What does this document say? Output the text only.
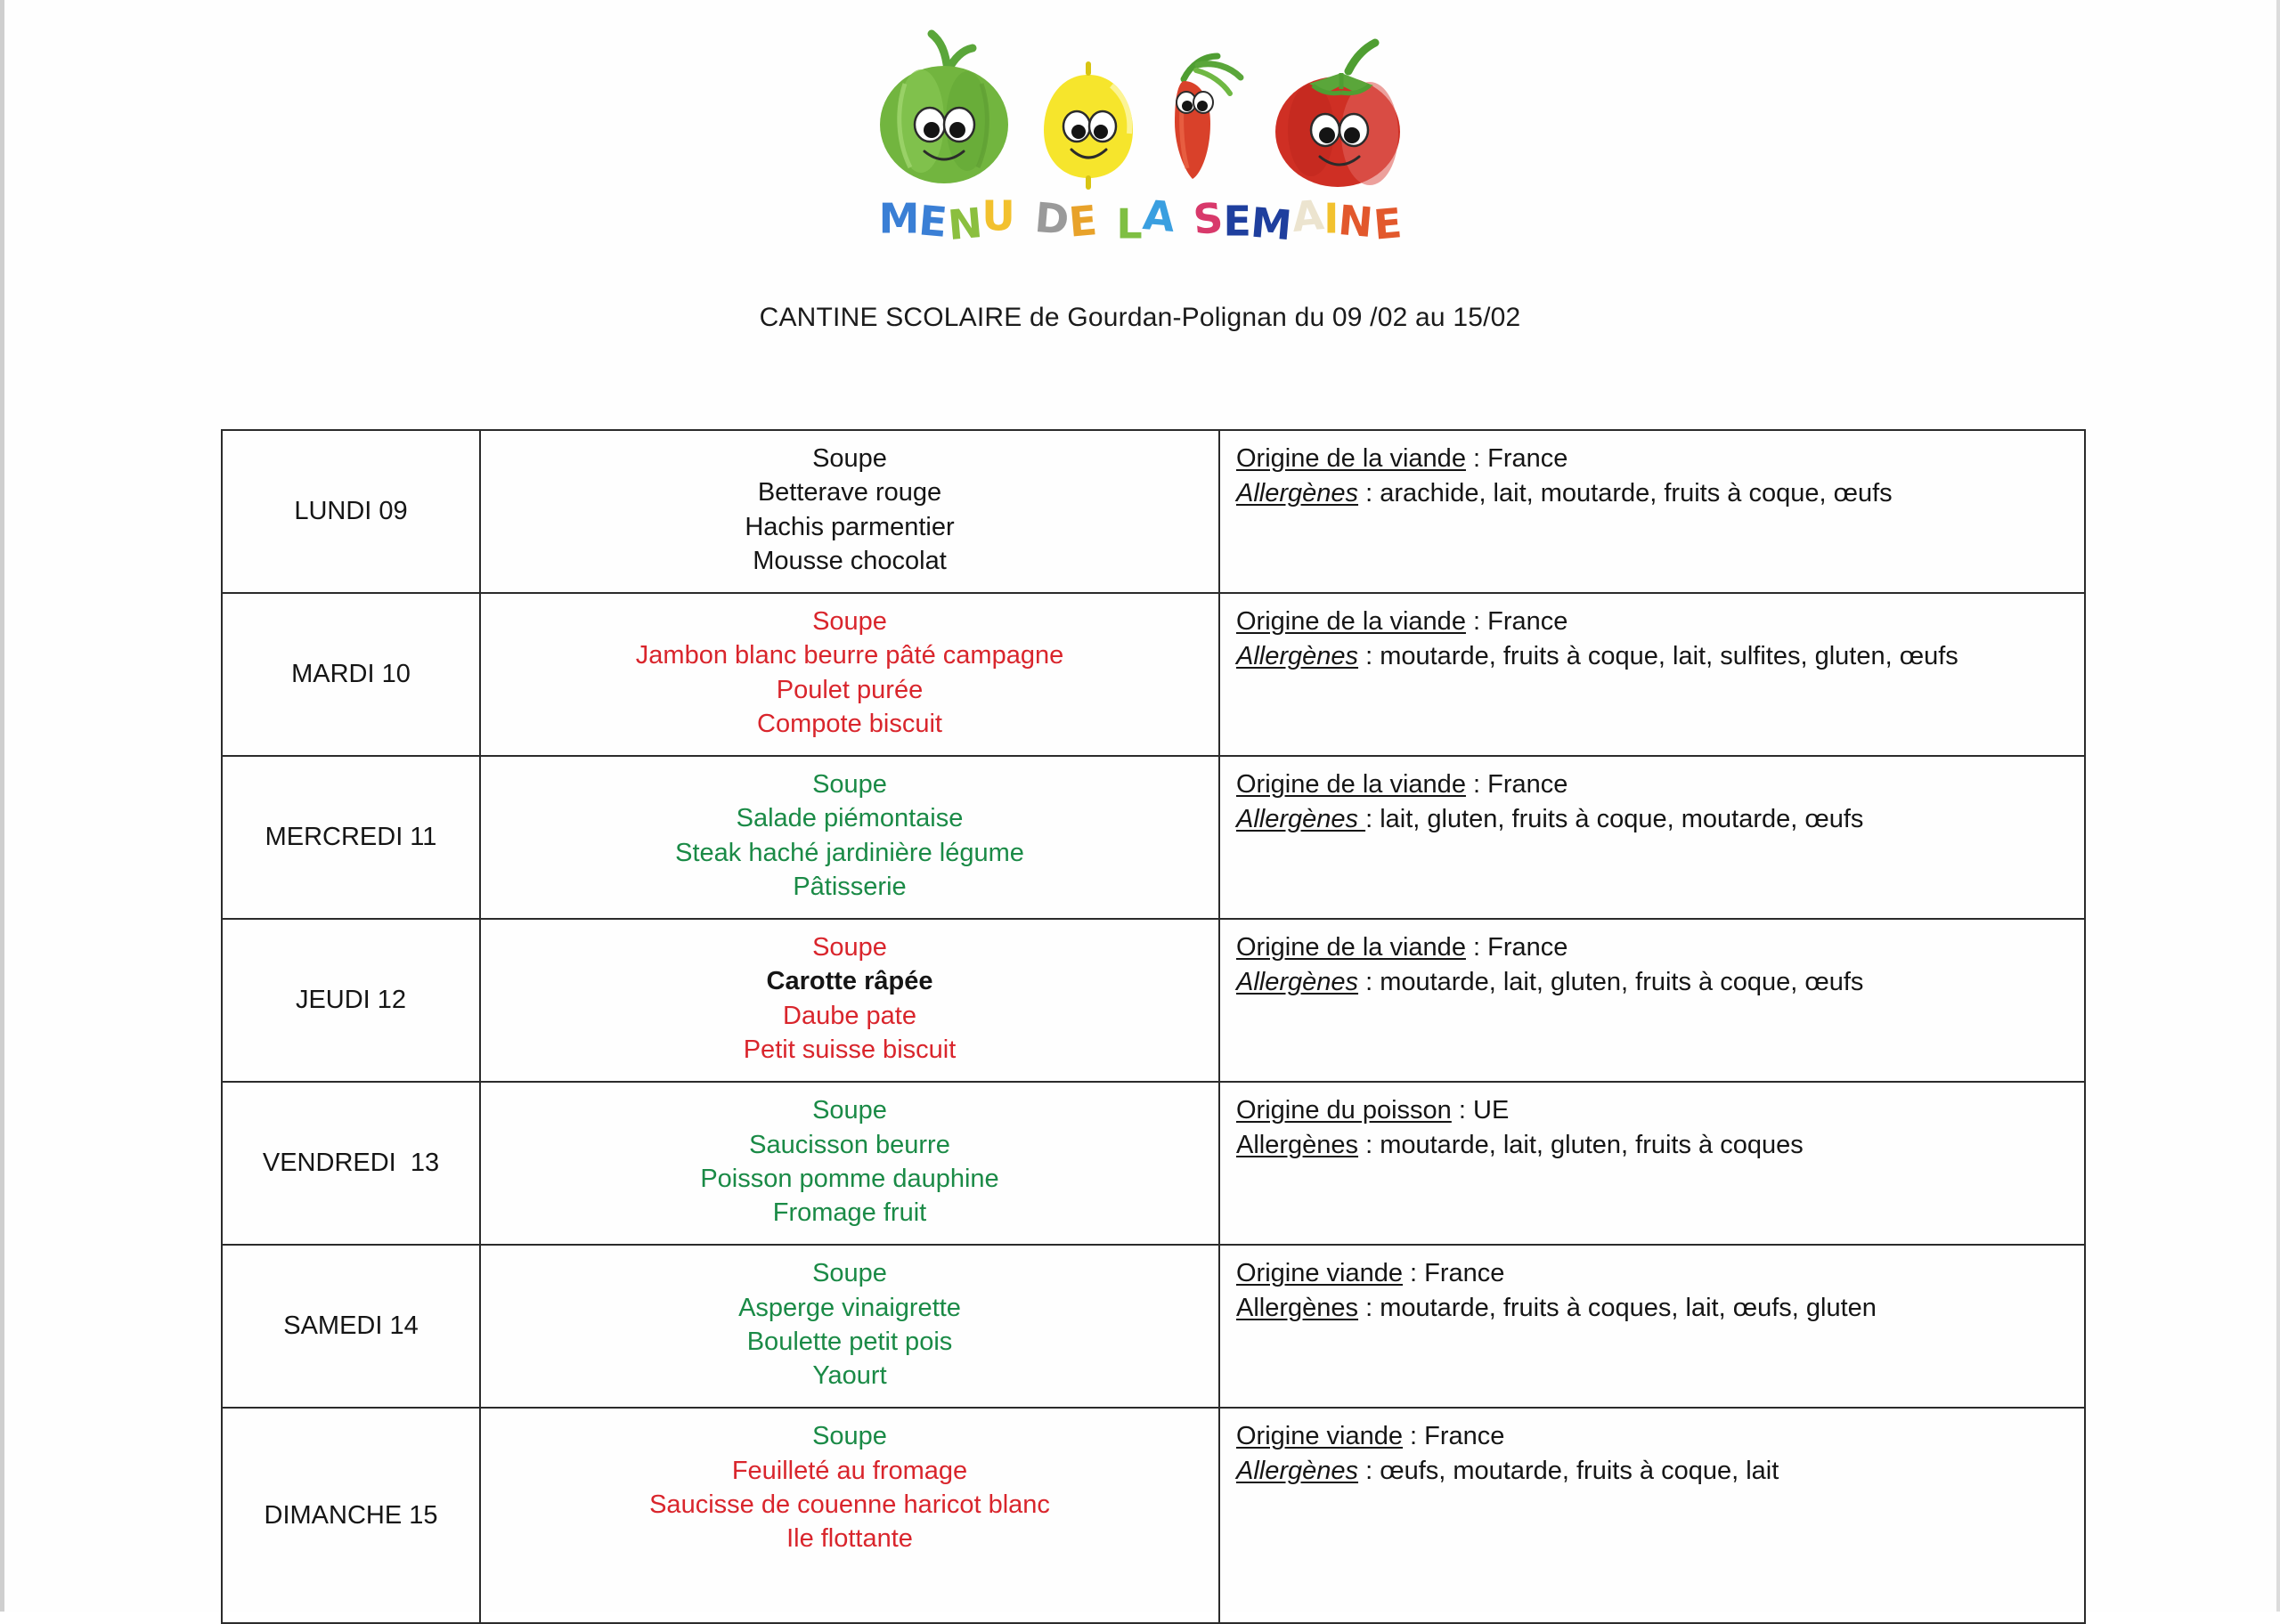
M
E
N
U D
E L
A S
E
M
A
I
N
E
CANTINE SCOLAIRE de Gourdan-Polignan du 09 /02 au 15/02
LUNDI 09

Soupe
Betterave rouge
Hachis parmentier
Mousse chocolat

Origine de la viande : France
Allergènes : arachide, lait, moutarde, fruits à coque, œufs

MARDI 10

Soupe
Jambon blanc beurre pâté campagne
Poulet purée
Compote biscuit

Origine de la viande : France
Allergènes : moutarde, fruits à coque, lait, sulfites, gluten, œufs

MERCREDI 11

Soupe
Salade piémontaise
Steak haché jardinière légume
Pâtisserie

Origine de la viande : France
Allergènes : lait, gluten, fruits à coque, moutarde, œufs

JEUDI 12

Soupe
Carotte râpée
Daube pate
Petit suisse biscuit

Origine de la viande : France
Allergènes : moutarde, lait, gluten, fruits à coque, œufs

VENDREDI  13

Soupe
Saucisson beurre
Poisson pomme dauphine
Fromage fruit

Origine du poisson : UE
Allergènes : moutarde, lait, gluten, fruits à coques

SAMEDI 14

Soupe
Asperge vinaigrette
Boulette petit pois
Yaourt

Origine viande : France
Allergènes : moutarde, fruits à coques, lait, œufs, gluten

DIMANCHE 15

Soupe
Feuilleté au fromage
Saucisse de couenne haricot blanc
Ile flottante

Origine viande : France
Allergènes : œufs, moutarde, fruits à coque, lait
